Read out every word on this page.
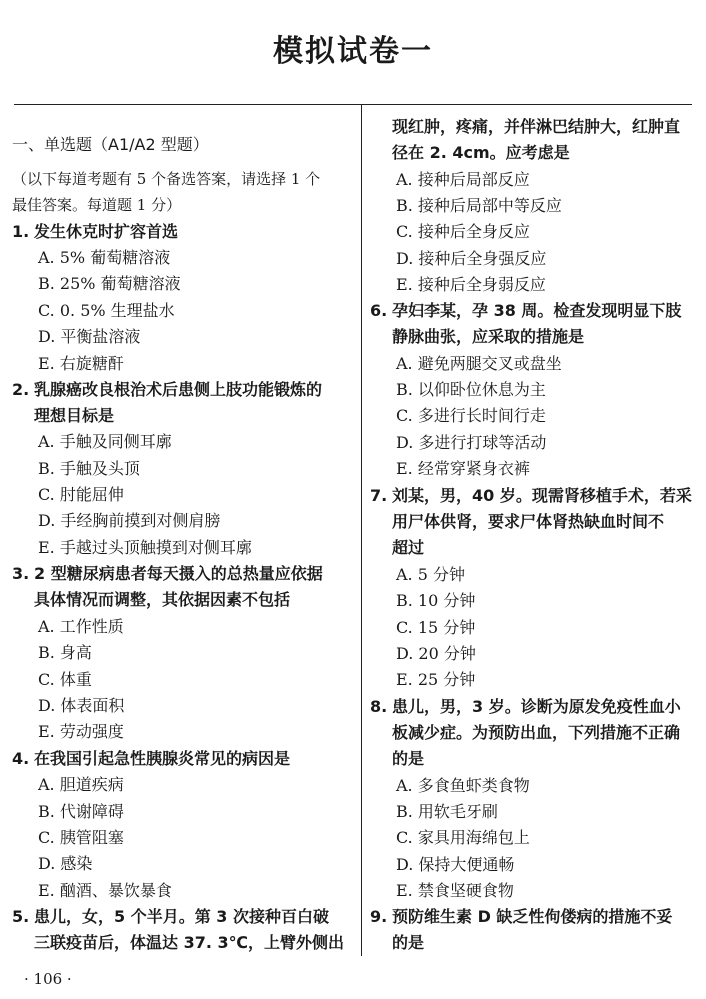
模拟试卷一
一、单选题（A1/A2 型题）
（以下每道考题有 5 个备选答案，请选择 1 个
最佳答案。每道题 1 分）
1. 发生休克时扩容首选
A. 5% 葡萄糖溶液
B. 25% 葡萄糖溶液
C. 0. 5% 生理盐水
D. 平衡盐溶液
E. 右旋糖酐
2. 乳腺癌改良根治术后患侧上肢功能锻炼的
理想目标是
A. 手触及同侧耳廓
B. 手触及头顶
C. 肘能屈伸
D. 手经胸前摸到对侧肩膀
E. 手越过头顶触摸到对侧耳廓
3. 2 型糖尿病患者每天摄入的总热量应依据
具体情况而调整，其依据因素不包括
A. 工作性质
B. 身高
C. 体重
D. 体表面积
E. 劳动强度
4. 在我国引起急性胰腺炎常见的病因是
A. 胆道疾病
B. 代谢障碍
C. 胰管阻塞
D. 感染
E. 酗酒、暴饮暴食
5. 患儿，女，5 个半月。第 3 次接种百白破
三联疫苗后，体温达 37. 3℃，上臂外侧出
现红肿，疼痛，并伴淋巴结肿大，红肿直
径在 2. 4cm。应考虑是
A. 接种后局部反应
B. 接种后局部中等反应
C. 接种后全身反应
D. 接种后全身强反应
E. 接种后全身弱反应
6. 孕妇李某，孕 38 周。检查发现明显下肢
静脉曲张，应采取的措施是
A. 避免两腿交叉或盘坐
B. 以仰卧位休息为主
C. 多进行长时间行走
D. 多进行打球等活动
E. 经常穿紧身衣裤
7. 刘某，男，40 岁。现需肾移植手术，若采
用尸体供肾，要求尸体肾热缺血时间不
超过
A. 5 分钟
B. 10 分钟
C. 15 分钟
D. 20 分钟
E. 25 分钟
8. 患儿，男，3 岁。诊断为原发免疫性血小
板减少症。为预防出血，下列措施不正确
的是
A. 多食鱼虾类食物
B. 用软毛牙刷
C. 家具用海绵包上
D. 保持大便通畅
E. 禁食坚硬食物
9. 预防维生素 D 缺乏性佝偻病的措施不妥
的是
· 106 ·
